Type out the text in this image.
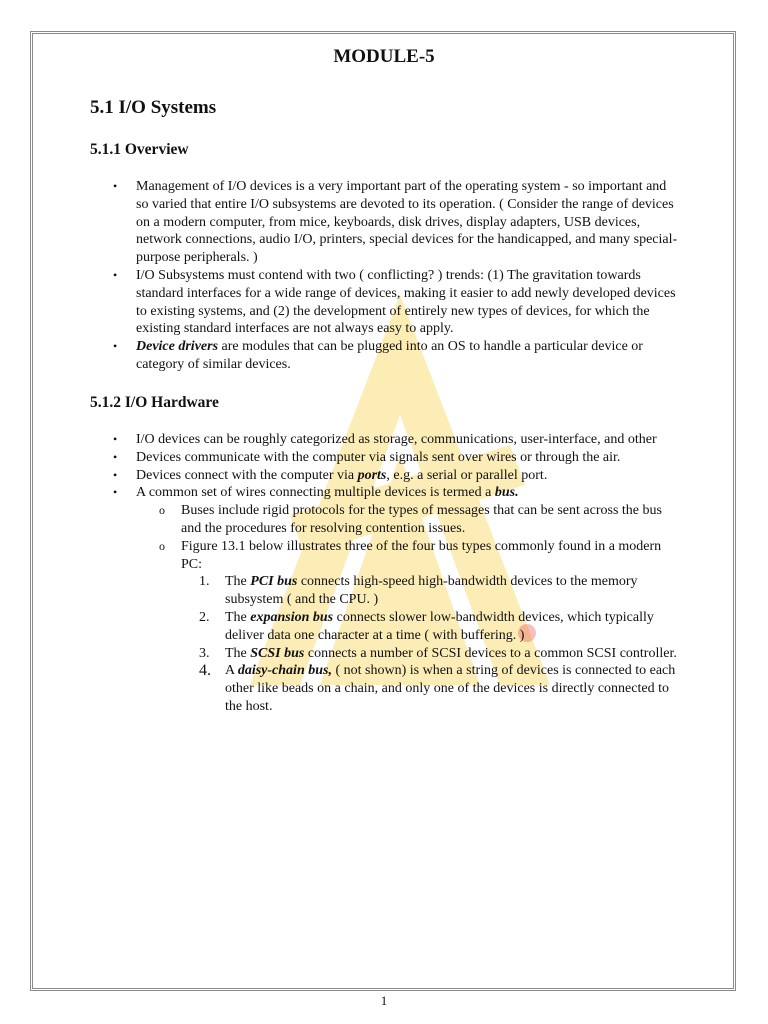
MODULE-5
5.1 I/O Systems
5.1.1 Overview
• Management of I/O devices is a very important part of the operating system - so important and so varied that entire I/O subsystems are devoted to its operation. ( Consider the range of devices on a modern computer, from mice, keyboards, disk drives, display adapters, USB devices, network connections, audio I/O, printers, special devices for the handicapped, and many special-purpose peripherals. )
• I/O Subsystems must contend with two ( conflicting? ) trends: (1) The gravitation towards standard interfaces for a wide range of devices, making it easier to add newly developed devices to existing systems, and (2) the development of entirely new types of devices, for which the existing standard interfaces are not always easy to apply.
• Device drivers are modules that can be plugged into an OS to handle a particular device or category of similar devices.
5.1.2 I/O Hardware
• I/O devices can be roughly categorized as storage, communications, user-interface, and other
• Devices communicate with the computer via signals sent over wires or through the air.
• Devices connect with the computer via ports, e.g. a serial or parallel port.
• A common set of wires connecting multiple devices is termed a bus.
o Buses include rigid protocols for the types of messages that can be sent across the bus and the procedures for resolving contention issues.
o Figure 13.1 below illustrates three of the four bus types commonly found in a modern PC:
1. The PCI bus connects high-speed high-bandwidth devices to the memory subsystem ( and the CPU. )
2. The expansion bus connects slower low-bandwidth devices, which typically deliver data one character at a time ( with buffering. )
3. The SCSI bus connects a number of SCSI devices to a common SCSI controller.
4. A daisy-chain bus, ( not shown) is when a string of devices is connected to each other like beads on a chain, and only one of the devices is directly connected to the host.
1
